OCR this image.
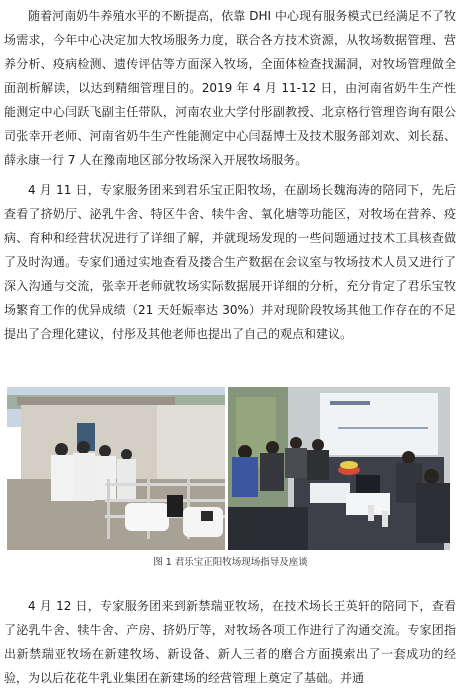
随着河南奶牛养殖水平的不断提高，依靠 DHI 中心现有服务模式已经满足不了牧场需求，今年中心决定加大牧场服务力度，联合各方技术资源，从牧场数据管理、营养分析、疫病检测、遗传评估等方面深入牧场，全面体检查找漏洞，对牧场管理做全面剖析解读，以达到精细管理目的。2019 年 4 月 11-12 日，由河南省奶牛生产性能测定中心闫跃飞副主任带队，河南农业大学付彤副教授、北京格行管理咨询有限公司张幸开老师、河南省奶牛生产性能测定中心闫磊博士及技术服务部刘欢、刘长磊、薛永康一行 7 人在豫南地区部分牧场深入开展牧场服务。

4 月 11 日，专家服务团来到君乐宝正阳牧场，在副场长魏海涛的陪同下，先后查看了挤奶厅、泌乳牛舍、特区牛舍、犊牛舍、氧化塘等功能区，对牧场在营养、疫病、育种和经营状况进行了详细了解，并就现场发现的一些问题通过技术工具核查做了及时沟通。专家们通过实地查看及搂合生产数据在会议室与牧场技术人员又进行了深入沟通与交流，张幸开老师就牧场实际数据展开详细的分析，充分肯定了君乐宝牧场繁育工作的优异成绩（21 天妊娠率达 30%）并对现阶段牧场其他工作存在的不足提出了合理化建议，付彤及其他老师也提出了自己的观点和建议。

图 1 君乐宝正阳牧场现场指导及座谈

4 月 12 日，专家服务团来到新禁瑞亚牧场，在技术场长王英轩的陪同下，查看了泌乳牛舍、犊牛舍、产房、挤奶厅等，对牧场各项工作进行了沟通交流。专家团指出新禁瑞亚牧场在新建牧场、新设备、新人三者的磨合方面摸索出了一套成功的经验，为以后花花牛乳业集团在新建场的经营管理上奠定了基础。并通
